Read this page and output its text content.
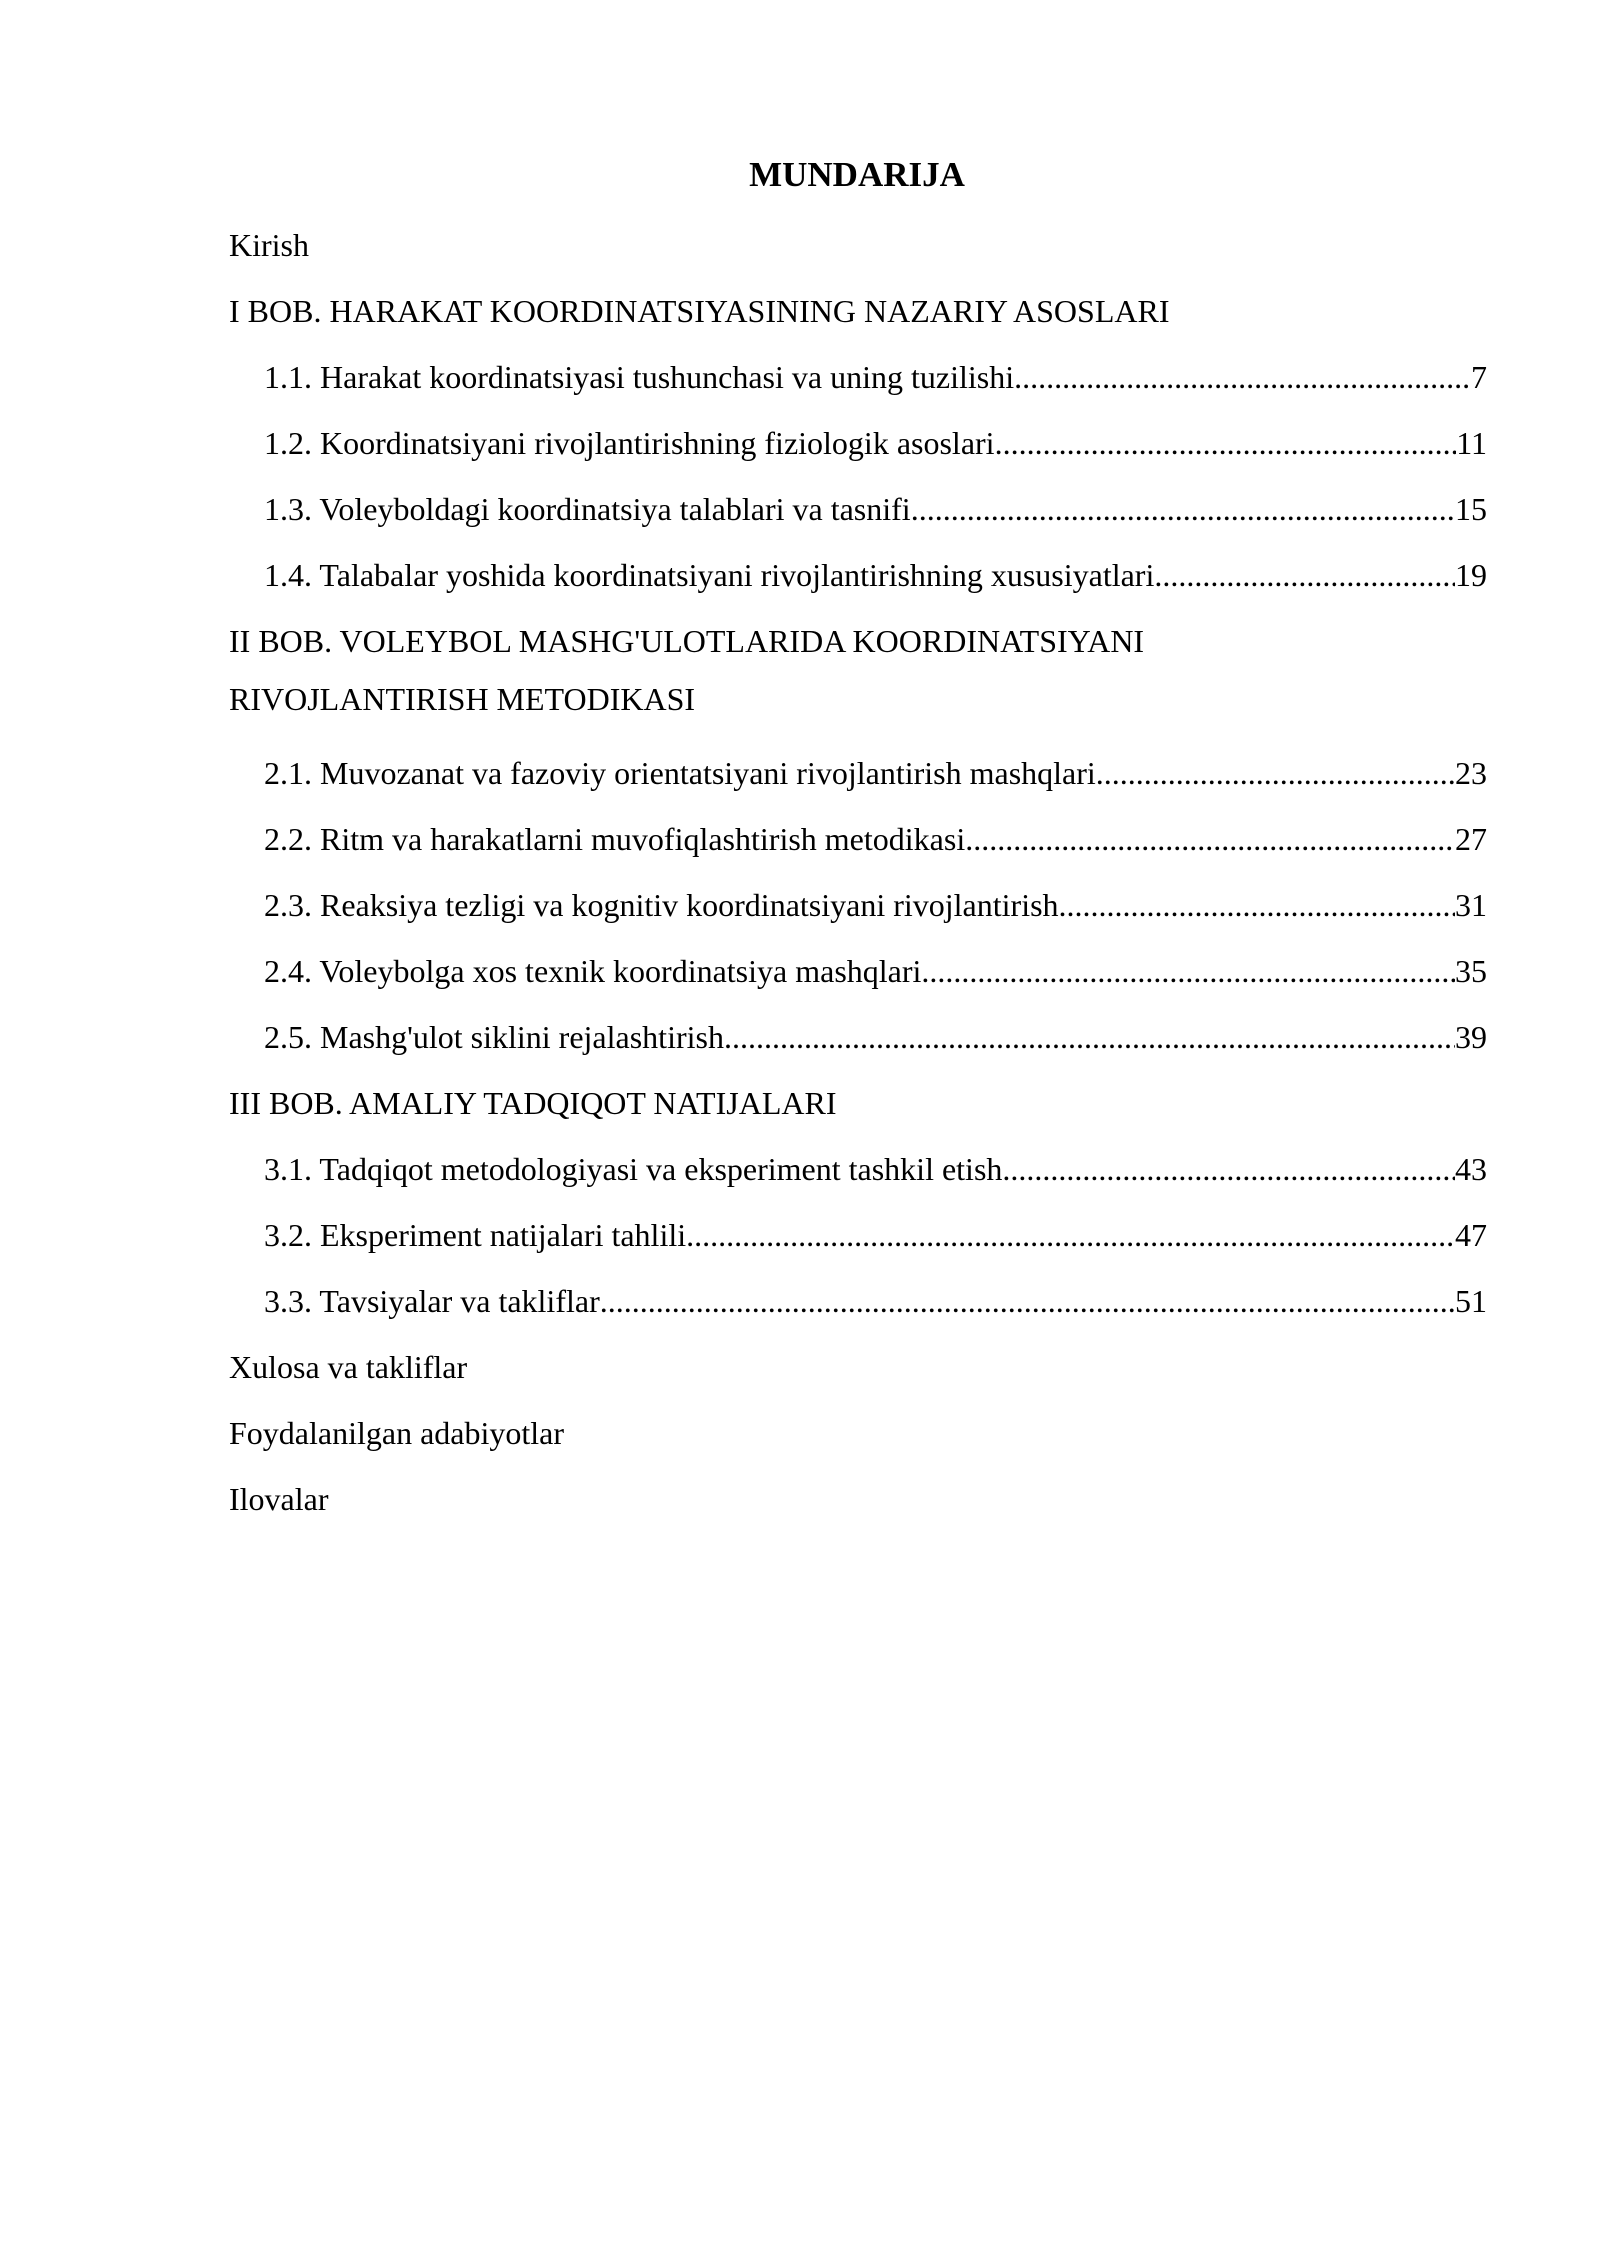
MUNDARIJA
Kirish
I BOB. HARAKAT KOORDINATSIYASINING NAZARIY ASOSLARI
1.1. Harakat koordinatsiyasi tushunchasi va uning tuzilishi .....	7
1.2. Koordinatsiyani rivojlantirishning fiziologik asoslari .....	11
1.3. Voleyboldagi koordinatsiya talablari va tasnifi .....	15
1.4. Talabalar yoshida koordinatsiyani rivojlantirishning xususiyatlari .....	19
II BOB. VOLEYBOL MASHG'ULOTLARIDA KOORDINATSIYANI
RIVOJLANTIRISH METODIKASI
2.1. Muvozanat va fazoviy orientatsiyani rivojlantirish mashqlari .....	23
2.2. Ritm va harakatlarni muvofiqlashtirish metodikasi .....	27
2.3. Reaksiya tezligi va kognitiv koordinatsiyani rivojlantirish .....	31
2.4. Voleybolga xos texnik koordinatsiya mashqlari .....	35
2.5. Mashg'ulot siklini rejalashtirish .....	39
III BOB. AMALIY TADQIQOT NATIJALARI
3.1. Tadqiqot metodologiyasi va eksperiment tashkil etish .....	43
3.2. Eksperiment natijalari tahlili .....	47
3.3. Tavsiyalar va takliflar .....	51
Xulosa va takliflar
Foydalanilgan adabiyotlar
Ilovalar
